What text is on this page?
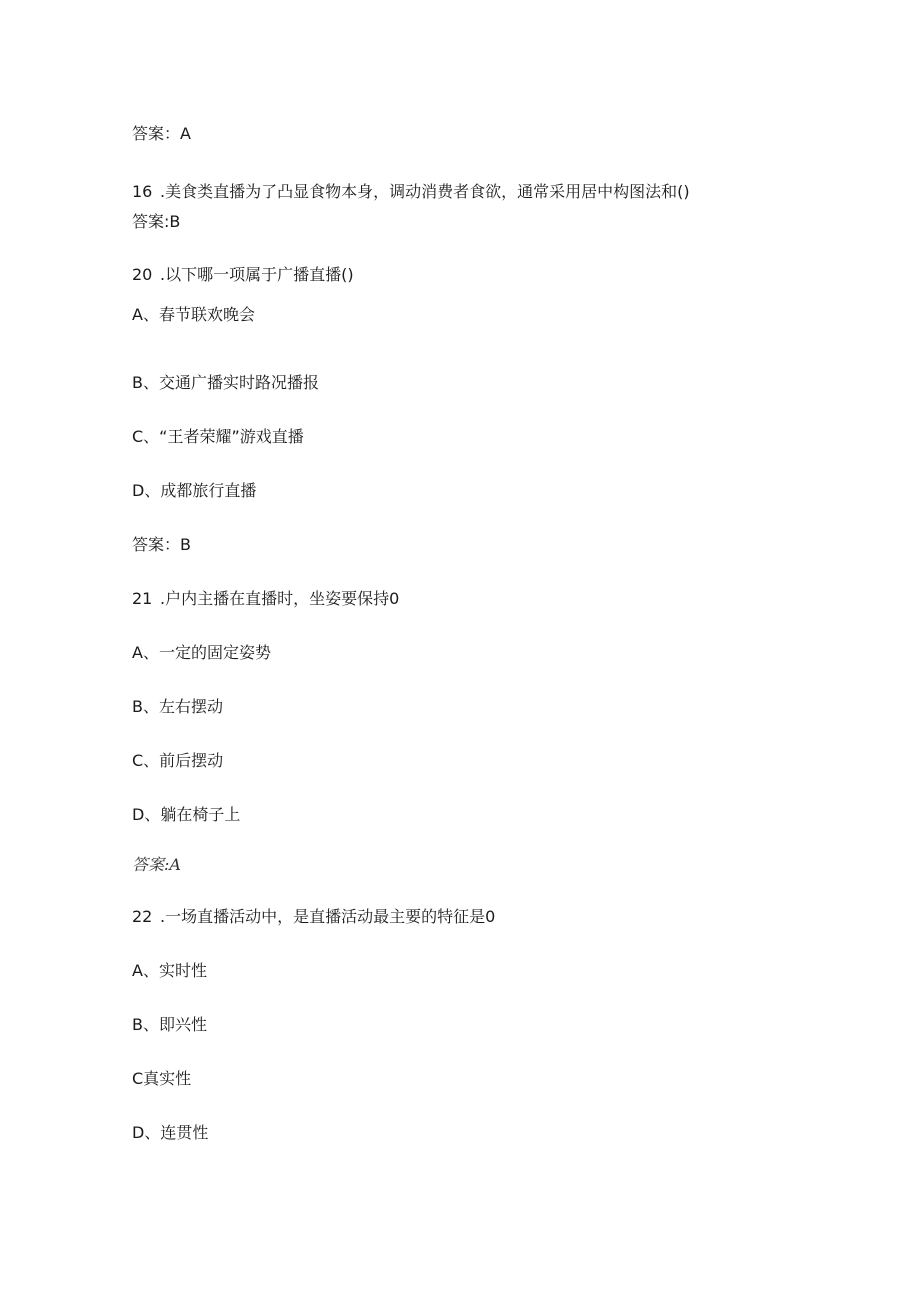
答案：A
16 .美食类直播为了凸显食物本身，调动消费者食欲，通常采用居中构图法和()
答案:B
20 .以下哪一项属于广播直播()
A、春节联欢晚会
B、交通广播实时路况播报
C、“王者荣耀”游戏直播
D、成都旅行直播
答案：B
21 .户内主播在直播时，坐姿要保持0
A、一定的固定姿势
B、左右摆动
C、前后摆动
D、躺在椅子上
答案:A
22 .一场直播活动中，是直播活动最主要的特征是0
A、实时性
B、即兴性
C真实性
D、连贯性
